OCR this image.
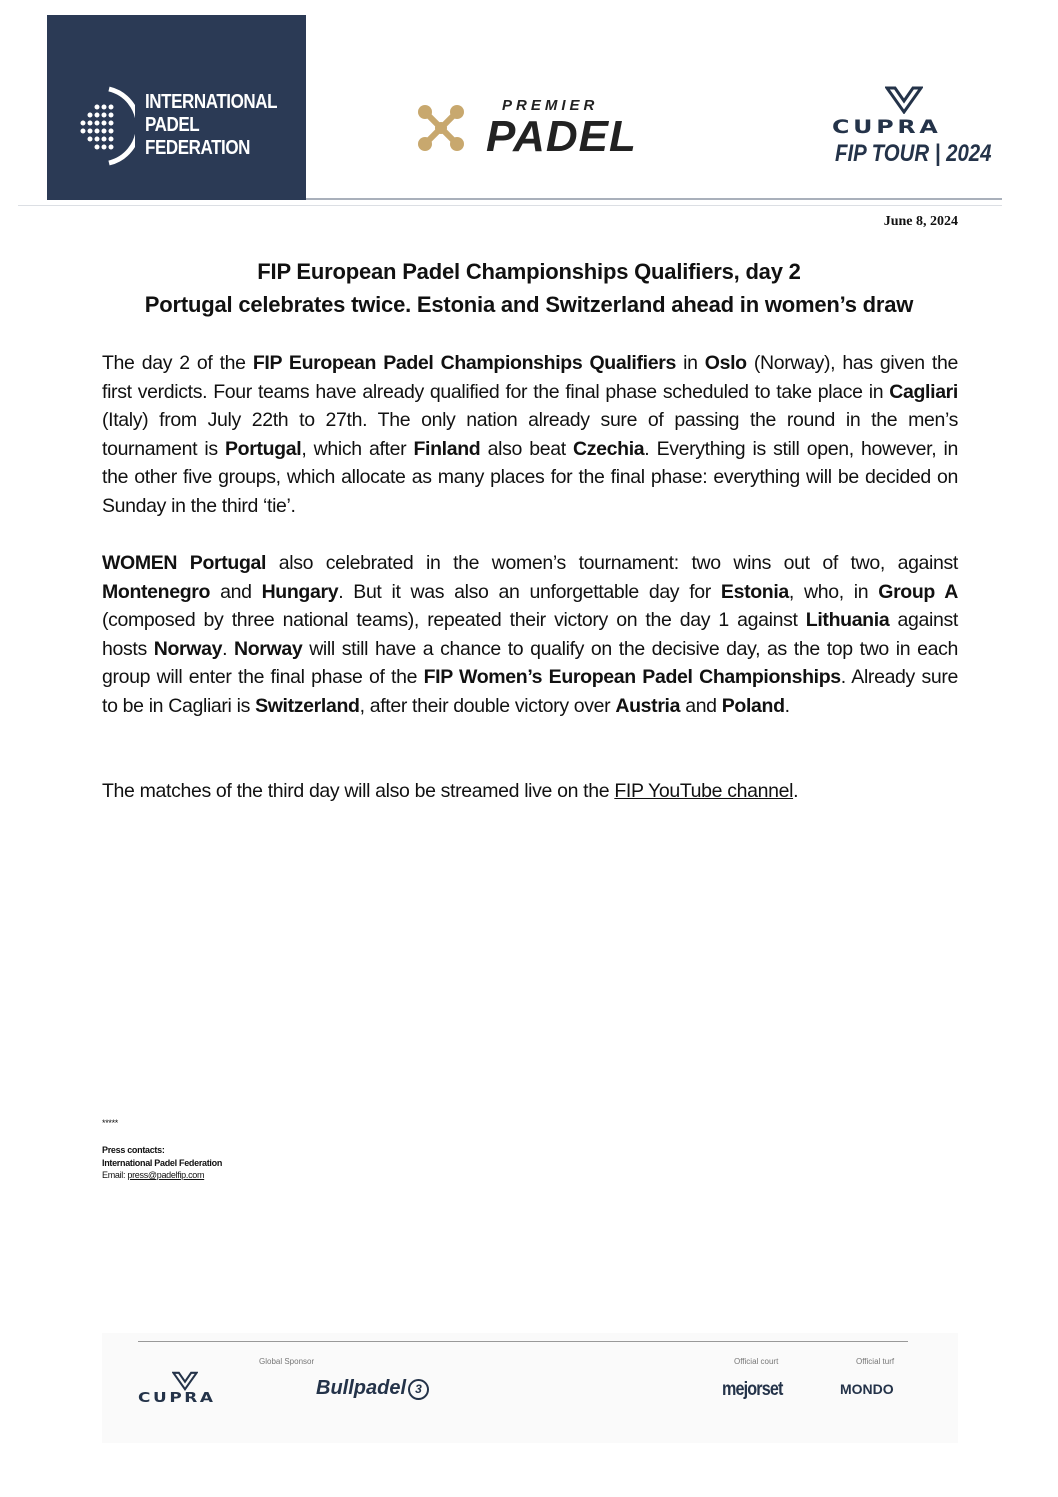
INTERNATIONAL
PADEL
FEDERATION
PREMIER
PADEL	CUPRA
FIP TOUR | 2024
June 8, 2024
FIP European Padel Championships Qualifiers, day 2
Portugal celebrates twice. Estonia and Switzerland ahead in women’s draw
The day 2 of the FIP European Padel Championships Qualifiers in Oslo (Norway), has given the first verdicts. Four teams have already qualified for the final phase scheduled to take place in Cagliari (Italy) from July 22th to 27th. The only nation already sure of passing the round in the men’s tournament is Portugal, which after Finland also beat Czechia. Everything is still open, however, in the other five groups, which allocate as many places for the final phase: everything will be decided on Sunday in the third ‘tie’.
WOMEN Portugal also celebrated in the women’s tournament: two wins out of two, against Montenegro and Hungary. But it was also an unforgettable day for Estonia, who, in Group A (composed by three national teams), repeated their victory on the day 1 against Lithuania against hosts Norway. Norway will still have a chance to qualify on the decisive day, as the top two in each group will enter the final phase of the FIP Women’s European Padel Championships. Already sure to be in Cagliari is Switzerland, after their double victory over Austria and Poland.
The matches of the third day will also be streamed live on the FIP YouTube channel.
*****
Press contacts:
International Padel Federation
Email: press@padelfip.com
CUPRA
Global Sponsor
Bullpadel 3
Official court
mejorset
Official turf
MONDO
